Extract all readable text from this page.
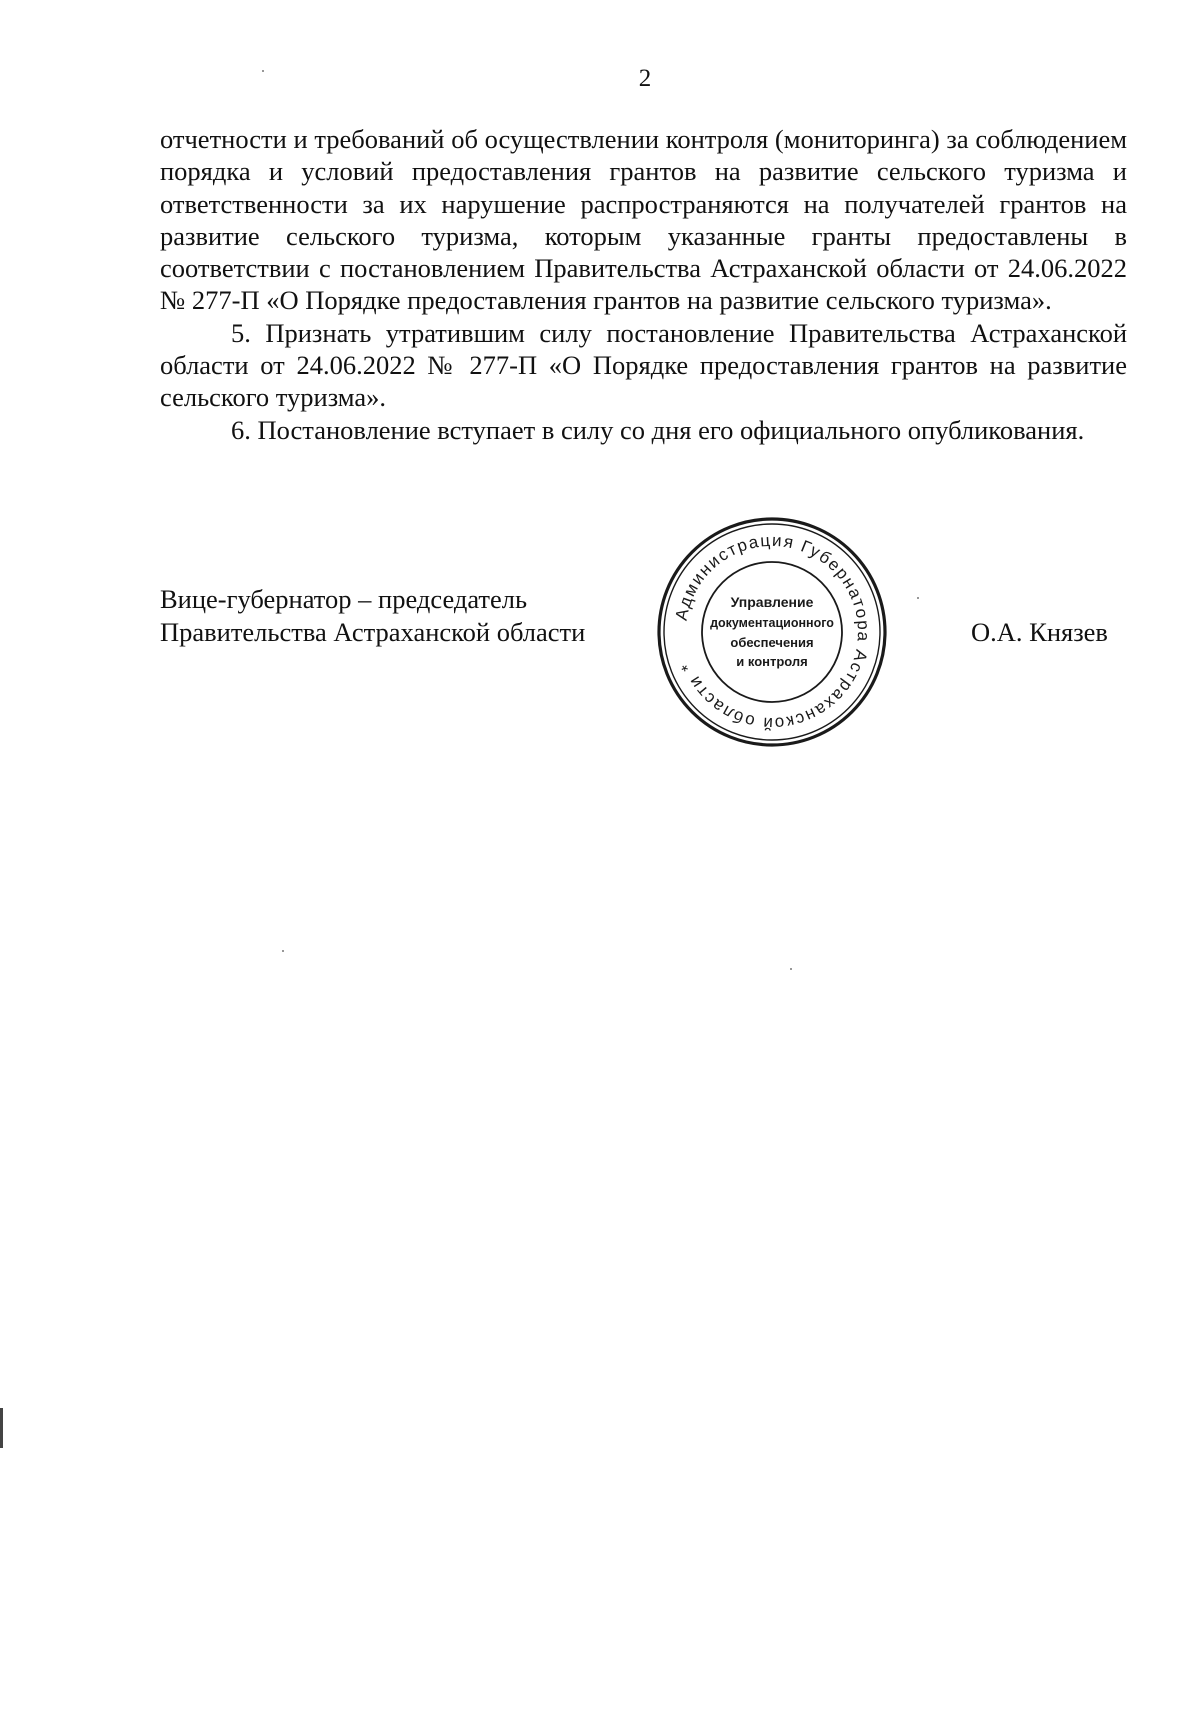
2

отчетности и требований об осуществлении контроля (мониторинга) за соблюдением порядка и условий предоставления грантов на развитие сельского туризма и ответственности за их нарушение распространяются на получателей грантов на развитие сельского туризма, которым указанные гранты предоставлены в соответствии с постановлением Правительства Астраханской области от 24.06.2022 № 277-П «О Порядке предоставления грантов на развитие сельского туризма».

5. Признать утратившим силу постановление Правительства Астраханской области от 24.06.2022 № 277-П «О Порядке предоставления грантов на развитие сельского туризма».

6. Постановление вступает в силу со дня его официального опубликования.

Вице-губернатор – председатель
Правительства Астраханской области
Администрация Губернатора Астраханской области *
Управление
документационного
обеспечения
и контроля
О.А. Князев
